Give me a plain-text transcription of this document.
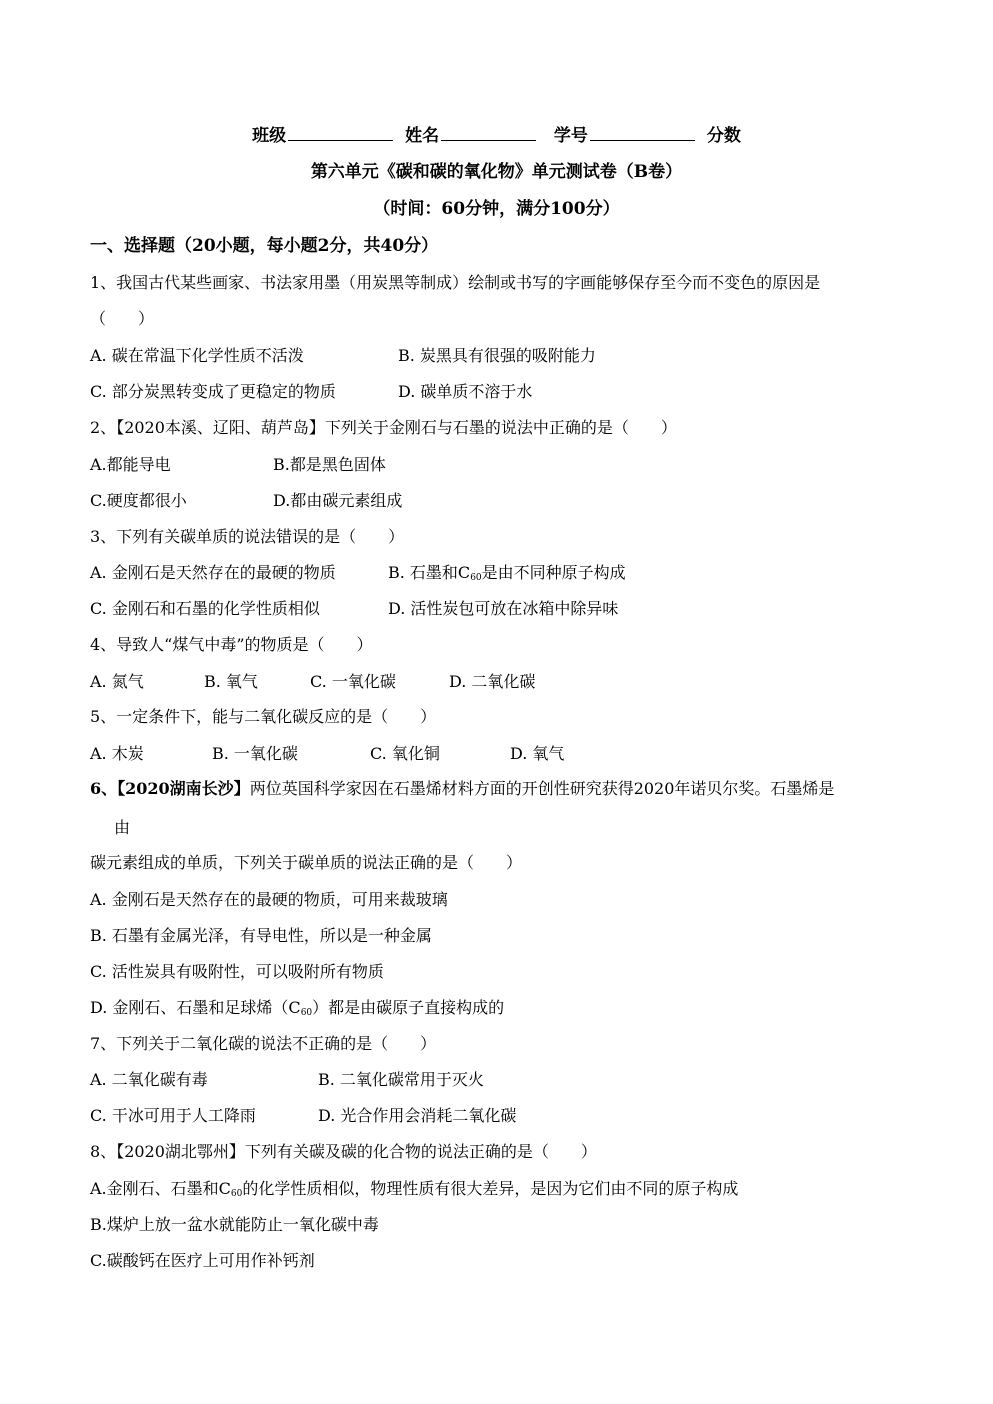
班级	姓名	学号	分数
第六单元《碳和碳的氧化物》单元测试卷（B卷）
（时间：60分钟，满分100分）
一、选择题（20小题，每小题2分，共40分）
1、我国古代某些画家、书法家用墨（用炭黑等制成）绘制或书写的字画能够保存至今而不变色的原因是
（　　）
A. 碳在常温下化学性质不活泼	B. 炭黑具有很强的吸附能力
C. 部分炭黑转变成了更稳定的物质	D. 碳单质不溶于水
2、【2020本溪、辽阳、葫芦岛】下列关于金刚石与石墨的说法中正确的是（　　）
A.都能导电	B.都是黑色固体
C.硬度都很小	D.都由碳元素组成
3、下列有关碳单质的说法错误的是（　　）
A. 金刚石是天然存在的最硬的物质	B. 石墨和$C_{60}$是由不同种原子构成
C. 金刚石和石墨的化学性质相似	D. 活性炭包可放在冰箱中除异味
4、导致人“煤气中毒”的物质是（　　）
A. 氮气	B. 氧气	C. 一氧化碳	D. 二氧化碳
5、一定条件下，能与二氧化碳反应的是（　　）
A. 木炭	B. 一氧化碳	C. 氧化铜	D. 氧气
6、【2020湖南长沙】两位英国科学家因在石墨烯材料方面的开创性研究获得2020年诺贝尔奖。石墨烯是
由
碳元素组成的单质，下列关于碳单质的说法正确的是（　　）
A. 金刚石是天然存在的最硬的物质，可用来裁玻璃
B. 石墨有金属光泽，有导电性，所以是一种金属
C. 活性炭具有吸附性，可以吸附所有物质
D. 金刚石、石墨和足球烯$(C_{60})$都是由碳原子直接构成的
7、下列关于二氧化碳的说法不正确的是（　　）
A. 二氧化碳有毒	B. 二氧化碳常用于灭火
C. 干冰可用于人工降雨	D. 光合作用会消耗二氧化碳
8、【2020湖北鄂州】下列有关碳及碳的化合物的说法正确的是（　　）
A.金刚石、石墨和$C_{60}$的化学性质相似，物理性质有很大差异，是因为它们由不同的原子构成
B.煤炉上放一盆水就能防止一氧化碳中毒
C.碳酸钙在医疗上可用作补钙剂
